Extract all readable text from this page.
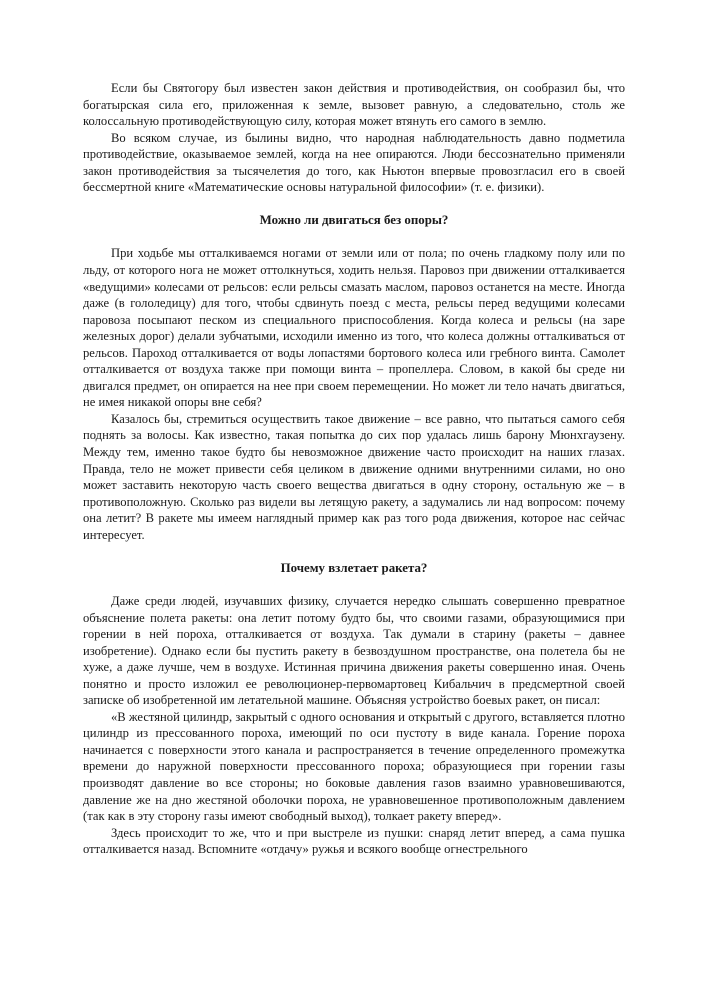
Если бы Святогору был известен закон действия и противодействия, он сообразил бы, что богатырская сила его, приложенная к земле, вызовет равную, а следовательно, столь же колоссальную противодействующую силу, которая может втянуть его самого в землю.

Во всяком случае, из былины видно, что народная наблюдательность давно подметила противодействие, оказываемое землей, когда на нее опираются. Люди бессознательно применяли закон противодействия за тысячелетия до того, как Ньютон впервые провозгласил его в своей бессмертной книге «Математические основы натуральной философии» (т. е. физики).

Можно ли двигаться без опоры?

При ходьбе мы отталкиваемся ногами от земли или от пола; по очень гладкому полу или по льду, от которого нога не может оттолкнуться, ходить нельзя. Паровоз при движении отталкивается «ведущими» колесами от рельсов: если рельсы смазать маслом, паровоз останется на месте. Иногда даже (в гололедицу) для того, чтобы сдвинуть поезд с места, рельсы перед ведущими колесами паровоза посыпают песком из специального приспособления. Когда колеса и рельсы (на заре железных дорог) делали зубчатыми, исходили именно из того, что колеса должны отталкиваться от рельсов. Пароход отталкивается от воды лопастями бортового колеса или гребного винта. Самолет отталкивается от воздуха также при помощи винта – пропеллера. Словом, в какой бы среде ни двигался предмет, он опирается на нее при своем перемещении. Но может ли тело начать двигаться, не имея никакой опоры вне себя?

Казалось бы, стремиться осуществить такое движение – все равно, что пытаться самого себя поднять за волосы. Как известно, такая попытка до сих пор удалась лишь барону Мюнхгаузену. Между тем, именно такое будто бы невозможное движение часто происходит на наших глазах. Правда, тело не может привести себя целиком в движение одними внутренними силами, но оно может заставить некоторую часть своего вещества двигаться в одну сторону, остальную же – в противоположную. Сколько раз видели вы летящую ракету, а задумались ли над вопросом: почему она летит? В ракете мы имеем наглядный пример как раз того рода движения, которое нас сейчас интересует.

Почему взлетает ракета?

Даже среди людей, изучавших физику, случается нередко слышать совершенно превратное объяснение полета ракеты: она летит потому будто бы, что своими газами, образующимися при горении в ней пороха, отталкивается от воздуха. Так думали в старину (ракеты – давнее изобретение). Однако если бы пустить ракету в безвоздушном пространстве, она полетела бы не хуже, а даже лучше, чем в воздухе. Истинная причина движения ракеты совершенно иная. Очень понятно и просто изложил ее революционер-первомартовец Кибальчич в предсмертной своей записке об изобретенной им летательной машине. Объясняя устройство боевых ракет, он писал:

«В жестяной цилиндр, закрытый с одного основания и открытый с другого, вставляется плотно цилиндр из прессованного пороха, имеющий по оси пустоту в виде канала. Горение пороха начинается с поверхности этого канала и распространяется в течение определенного промежутка времени до наружной поверхности прессованного пороха; образующиеся при горении газы производят давление во все стороны; но боковые давления газов взаимно уравновешиваются, давление же на дно жестяной оболочки пороха, не уравновешенное противоположным давлением (так как в эту сторону газы имеют свободный выход), толкает ракету вперед».

Здесь происходит то же, что и при выстреле из пушки: снаряд летит вперед, а сама пушка отталкивается назад. Вспомните «отдачу» ружья и всякого вообще огнестрельного
